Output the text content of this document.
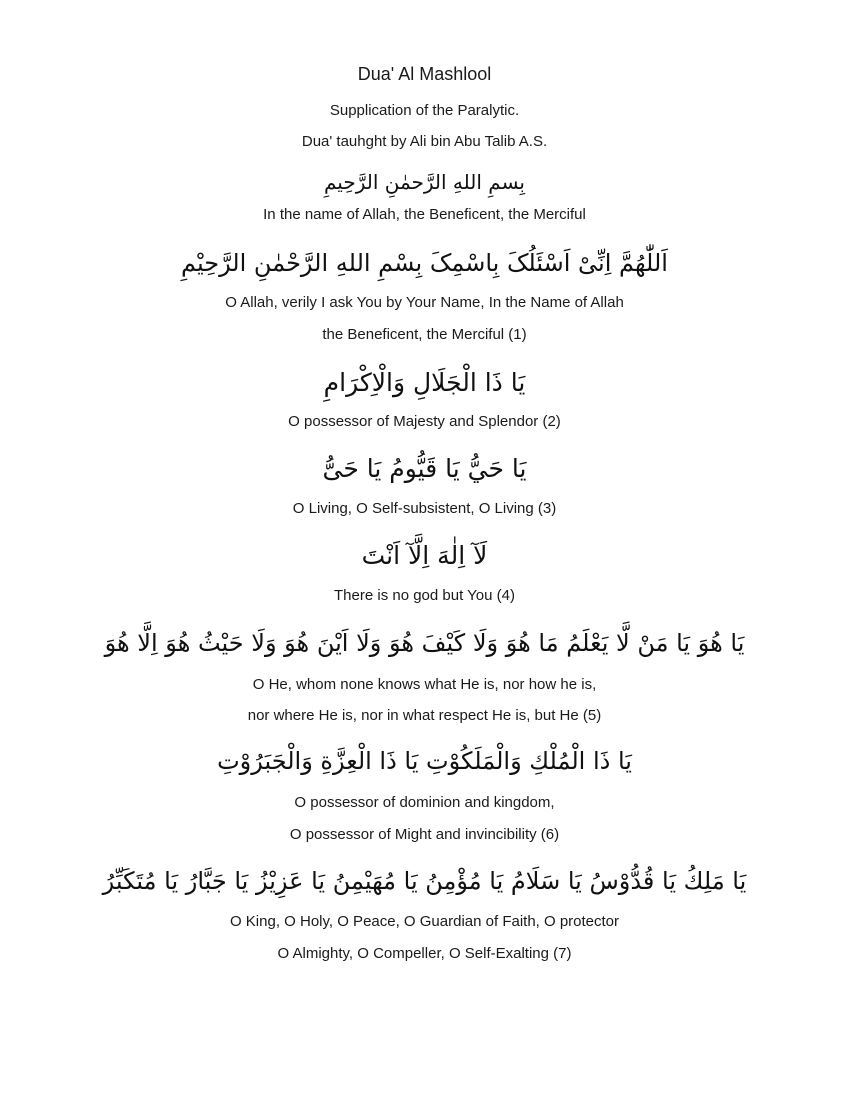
Dua' Al Mashlool
Supplication of the Paralytic.
Dua' tauhght by Ali bin Abu Talib A.S.
بِسمِ اللهِ الرَّحمٰنِ الرَّحِيمِ
In the name of Allah, the Beneficent, the Merciful
اَللّٰهُمَّ اِنِّیْ اَسْئَلُکَ بِاسْمِکَ بِسْمِ اللهِ الرَّحْمٰنِ الرَّحِيْمِ
O Allah, verily I ask You by Your Name, In the Name of Allah
the Beneficent, the Merciful (1)
يَا ذَا الْجَلَالِ وَالْاِكْرَامِ
O possessor of Majesty and Splendor (2)
يَا حَيُّ يَا قَيُّومُ يَا حَیُّ
O Living, O Self-subsistent, O Living (3)
لَآ اِلٰهَ اِلَّآ اَنْتَ
There is no god but You (4)
يَا هُوَ يَا مَنْ لَّا يَعْلَمُ مَا هُوَ وَلَا كَيْفَ هُوَ وَلَا اَيْنَ هُوَ وَلَا حَيْثُ هُوَ اِلَّا هُوَ
O He, whom none knows what He is, nor how he is,
nor where He is, nor in what respect He is, but He (5)
يَا ذَا الْمُلْكِ وَالْمَلَكُوْتِ يَا ذَا الْعِزَّةِ وَالْجَبَرُوْتِ
O possessor of dominion and kingdom,
O possessor of Might and invincibility (6)
يَا مَلِكُ يَا قُدُّوْسُ يَا سَلَامُ يَا مُؤْمِنُ يَا مُهَيْمِنُ يَا عَزِيْزُ يَا جَبَّارُ يَا مُتَكَبِّرُ
O King, O Holy, O Peace, O Guardian of Faith, O protector
O Almighty, O Compeller, O Self-Exalting (7)
